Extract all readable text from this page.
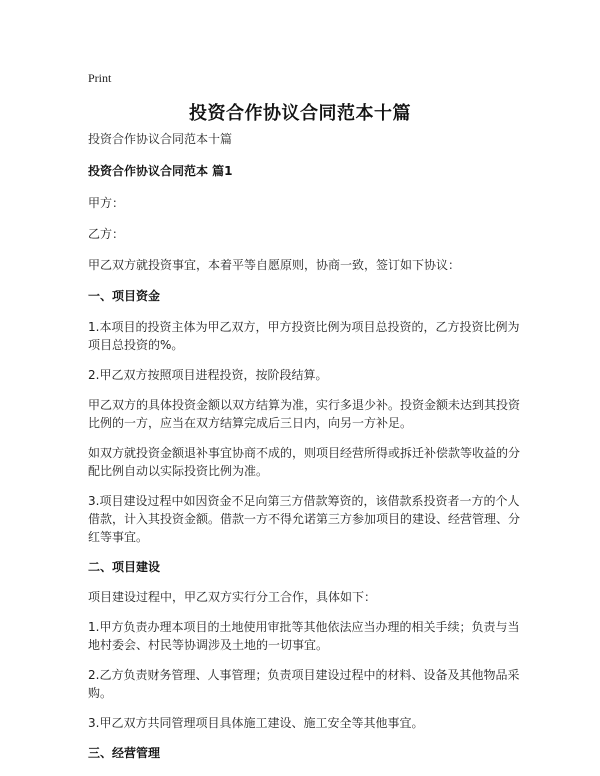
Print
投资合作协议合同范本十篇

投资合作协议合同范本十篇

投资合作协议合同范本 篇1

甲方：

乙方：

甲乙双方就投资事宜，本着平等自愿原则，协商一致，签订如下协议：

一、项目资金

1.本项目的投资主体为甲乙双方，甲方投资比例为项目总投资的，乙方投资比例为

项目总投资的%。

2.甲乙双方按照项目进程投资，按阶段结算。

甲乙双方的具体投资金额以双方结算为准，实行多退少补。投资金额未达到其投资

比例的一方，应当在双方结算完成后三日内，向另一方补足。

如双方就投资金额退补事宜协商不成的，则项目经营所得或拆迁补偿款等收益的分

配比例自动以实际投资比例为准。

3.项目建设过程中如因资金不足向第三方借款筹资的，该借款系投资者一方的个人

借款，计入其投资金额。借款一方不得允诺第三方参加项目的建设、经营管理、分

红等事宜。

二、项目建设

项目建设过程中，甲乙双方实行分工合作，具体如下：

1.甲方负责办理本项目的土地使用审批等其他依法应当办理的相关手续；负责与当

地村委会、村民等协调涉及土地的一切事宜。

2.乙方负责财务管理、人事管理；负责项目建设过程中的材料、设备及其他物品采

购。

3.甲乙双方共同管理项目具体施工建设、施工安全等其他事宜。

三、经营管理
